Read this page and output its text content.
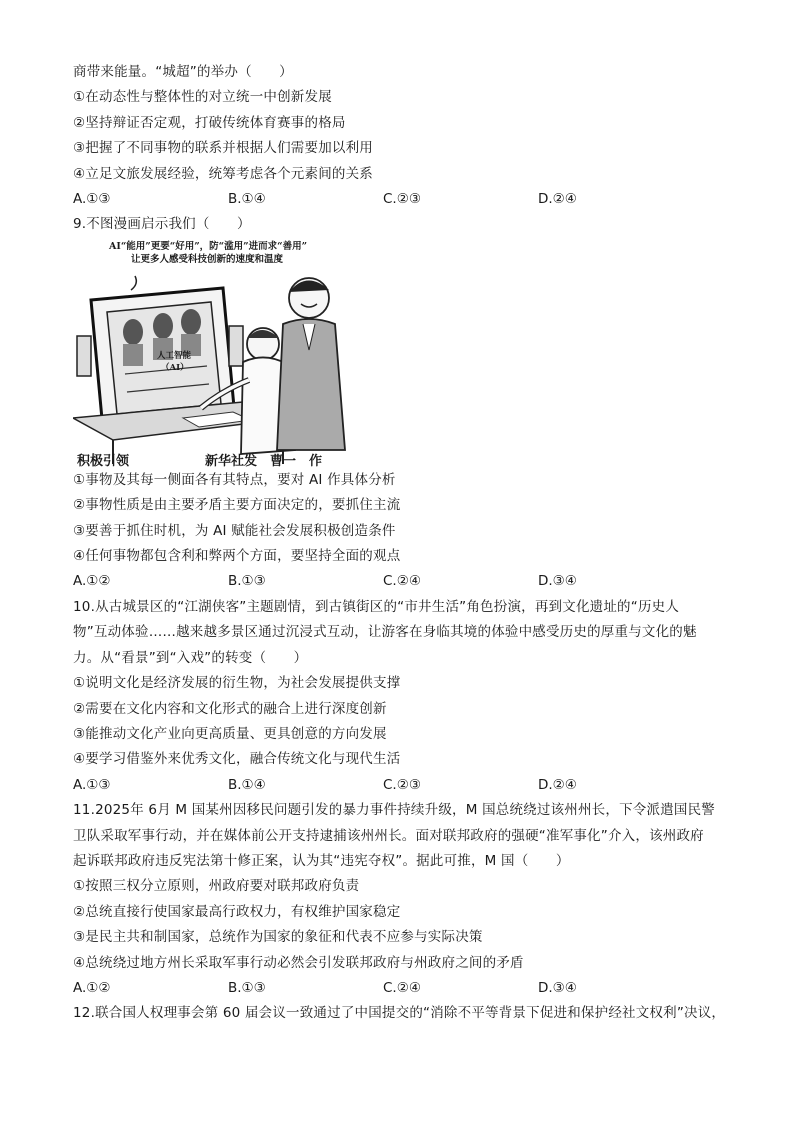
商带来能量。“城超”的举办（　　）
①在动态性与整体性的对立统一中创新发展
②坚持辩证否定观，打破传统体育赛事的格局
③把握了不同事物的联系并根据人们需要加以利用
④立足文旅发展经验，统筹考虑各个元素间的关系
A.①③	B.①④	C.②③	D.②④
9.不图漫画启示我们（　　）
AI“能用”更要“好用”，防“滥用”进而求“善用”
让更多人感受科技创新的速度和温度
人工智能
（AI）
积极引领	新华社发　曹一　作
①事物及其每一侧面各有其特点，要对 AI 作具体分析
②事物性质是由主要矛盾主要方面决定的，要抓住主流
③要善于抓住时机，为 AI 赋能社会发展积极创造条件
④任何事物都包含利和弊两个方面，要坚持全面的观点
A.①②	B.①③	C.②④	D.③④
10.从古城景区的“江湖侠客”主题剧情，到古镇街区的“市井生活”角色扮演，再到文化遗址的“历史人
物”互动体验……越来越多景区通过沉浸式互动，让游客在身临其境的体验中感受历史的厚重与文化的魅
力。从“看景”到“入戏”的转变（　　）
①说明文化是经济发展的衍生物，为社会发展提供支撑
②需要在文化内容和文化形式的融合上进行深度创新
③能推动文化产业向更高质量、更具创意的方向发展
④要学习借鉴外来优秀文化，融合传统文化与现代生活
A.①③	B.①④	C.②③	D.②④
11.2025年 6月 M 国某州因移民问题引发的暴力事件持续升级，M 国总统绕过该州州长，下令派遣国民警
卫队采取军事行动，并在媒体前公开支持逮捕该州州长。面对联邦政府的强硬“准军事化”介入，该州政府
起诉联邦政府违反宪法第十修正案，认为其“违宪夺权”。据此可推，M 国（　　）
①按照三权分立原则，州政府要对联邦政府负责
②总统直接行使国家最高行政权力，有权维护国家稳定
③是民主共和制国家，总统作为国家的象征和代表不应参与实际决策
④总统绕过地方州长采取军事行动必然会引发联邦政府与州政府之间的矛盾
A.①②	B.①③	C.②④	D.③④
12.联合国人权理事会第 60 届会议一致通过了中国提交的“消除不平等背景下促进和保护经社文权利”决议，
